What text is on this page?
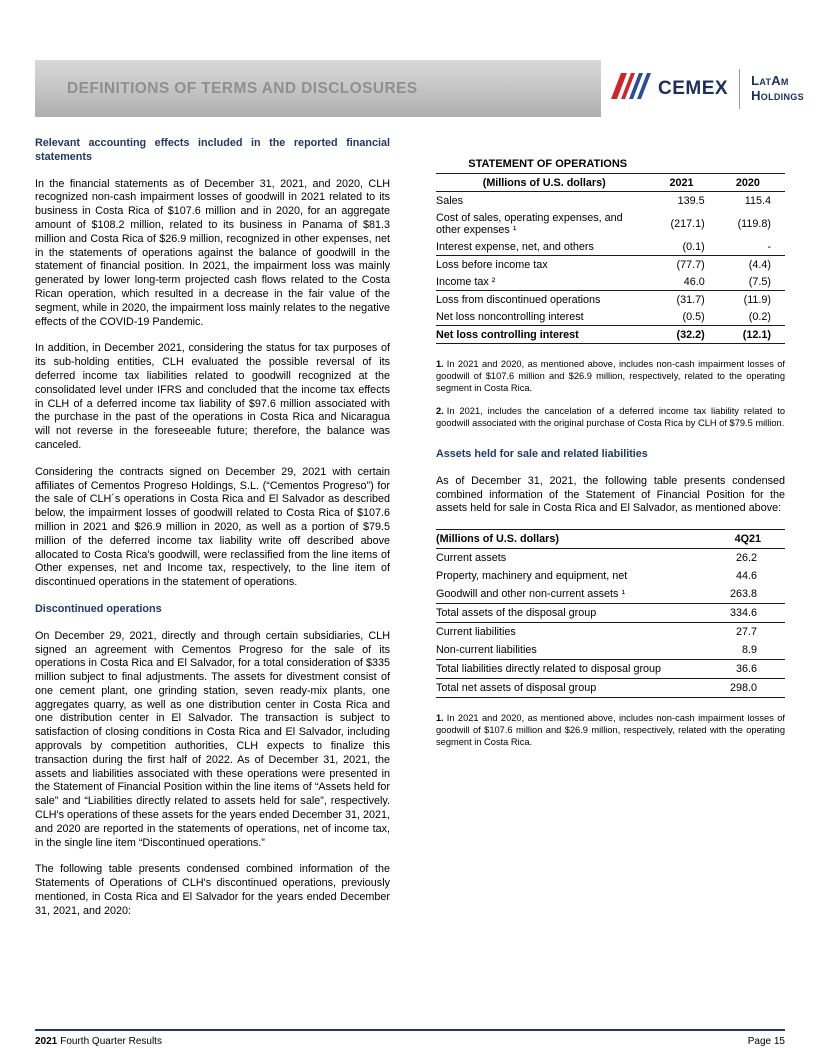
DEFINITIONS OF TERMS AND DISCLOSURES	CEMEX LatAm
Holdings
Relevant accounting effects included in the reported financial statements

In the financial statements as of December 31, 2021, and 2020, CLH recognized non-cash impairment losses of goodwill in 2021 related to its business in Costa Rica of $107.6 million and in 2020, for an aggregate amount of $108.2 million, related to its business in Panama of $81.3 million and Costa Rica of $26.9 million, recognized in other expenses, net in the statements of operations against the balance of goodwill in the statement of financial position. In 2021, the impairment loss was mainly generated by lower long-term projected cash flows related to the Costa Rican operation, which resulted in a decrease in the fair value of the segment, while in 2020, the impairment loss mainly relates to the negative effects of the COVID-19 Pandemic.

In addition, in December 2021, considering the status for tax purposes of its sub-holding entities, CLH evaluated the possible reversal of its deferred income tax liabilities related to goodwill recognized at the consolidated level under IFRS and concluded that the income tax effects in CLH of a deferred income tax liability of $97.6 million associated with the purchase in the past of the operations in Costa Rica and Nicaragua will not reverse in the foreseeable future; therefore, the balance was canceled.

Considering the contracts signed on December 29, 2021 with certain affiliates of Cementos Progreso Holdings, S.L. (“Cementos Progreso”) for the sale of CLH´s operations in Costa Rica and El Salvador as described below, the impairment losses of goodwill related to Costa Rica of $107.6 million in 2021 and $26.9 million in 2020, as well as a portion of $79.5 million of the deferred income tax liability write off described above allocated to Costa Rica's goodwill, were reclassified from the line items of Other expenses, net and Income tax, respectively, to the line item of discontinued operations in the statement of operations.

Discontinued operations

On December 29, 2021, directly and through certain subsidiaries, CLH signed an agreement with Cementos Progreso for the sale of its operations in Costa Rica and El Salvador, for a total consideration of $335 million subject to final adjustments. The assets for divestment consist of one cement plant, one grinding station, seven ready-mix plants, one aggregates quarry, as well as one distribution center in Costa Rica and one distribution center in El Salvador. The transaction is subject to satisfaction of closing conditions in Costa Rica and El Salvador, including approvals by competition authorities, CLH expects to finalize this transaction during the first half of 2022. As of December 31, 2021, the assets and liabilities associated with these operations were presented in the Statement of Financial Position within the line items of “Assets held for sale” and “Liabilities directly related to assets held for sale”, respectively. CLH's operations of these assets for the years ended December 31, 2021, and 2020 are reported in the statements of operations, net of income tax, in the single line item “Discontinued operations.”

The following table presents condensed combined information of the Statements of Operations of CLH's discontinued operations, previously mentioned, in Costa Rica and El Salvador for the years ended December 31, 2021, and 2020:

STATEMENT OF OPERATIONS
(Millions of U.S. dollars)	2021	2020
Sales	139.5	115.4
Cost of sales, operating expenses, and other expenses ¹	(217.1)	(119.8)
Interest expense, net, and others	(0.1)	-
Loss before income tax	(77.7)	(4.4)
Income tax ²	46.0	(7.5)
Loss from discontinued operations	(31.7)	(11.9)
Net loss noncontrolling interest	(0.5)	(0.2)
Net loss controlling interest	(32.2)	(12.1)

1. In 2021 and 2020, as mentioned above, includes non-cash impairment losses of goodwill of $107.6 million and $26.9 million, respectively, related to the operating segment in Costa Rica.

2. In 2021, includes the cancelation of a deferred income tax liability related to goodwill associated with the original purchase of Costa Rica by CLH of $79.5 million.

Assets held for sale and related liabilities

As of December 31, 2021, the following table presents condensed combined information of the Statement of Financial Position for the assets held for sale in Costa Rica and El Salvador, as mentioned above:

(Millions of U.S. dollars)	4Q21
Current assets	26.2
Property, machinery and equipment, net	44.6
Goodwill and other non-current assets ¹	263.8
Total assets of the disposal group	334.6
Current liabilities	27.7
Non-current liabilities	8.9
Total liabilities directly related to disposal group	36.6
Total net assets of disposal group	298.0

1. In 2021 and 2020, as mentioned above, includes non-cash impairment losses of goodwill of $107.6 million and $26.9 million, respectively, related with the operating segment in Costa Rica.

2021 Fourth Quarter Results	Page 15
